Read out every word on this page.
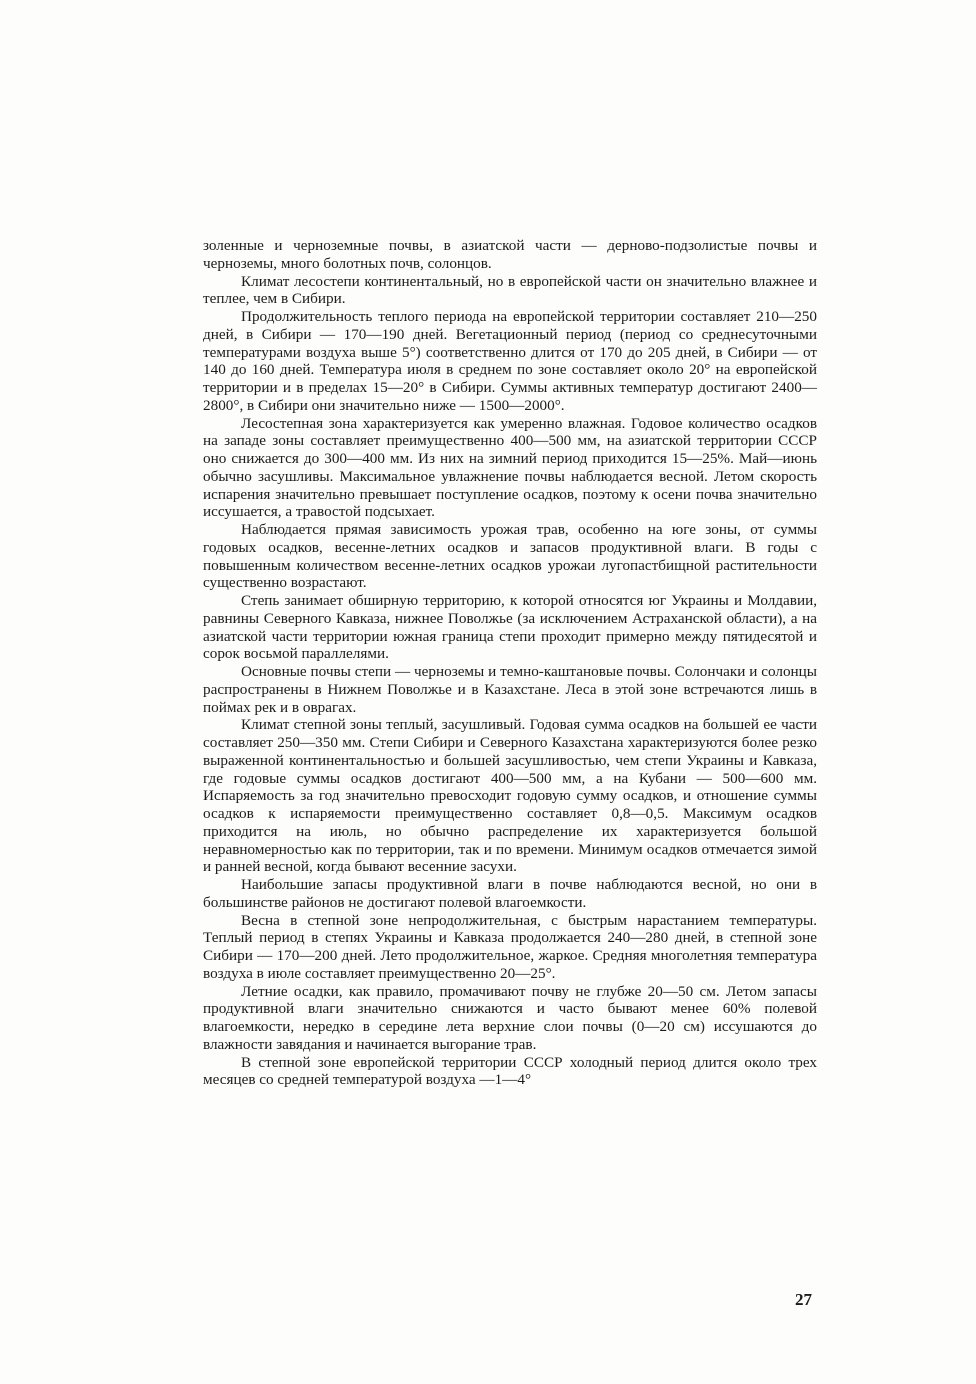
золенные и черноземные почвы, в азиатской части — дерново-подзолистые почвы и черноземы, много болотных почв, солонцов.

Климат лесостепи континентальный, но в европейской части он значительно влажнее и теплее, чем в Сибири.

Продолжительность теплого периода на европейской территории составляет 210—250 дней, в Сибири — 170—190 дней. Вегетационный период (период со среднесуточными температурами воздуха выше 5°) соответственно длится от 170 до 205 дней, в Сибири — от 140 до 160 дней. Температура июля в среднем по зоне составляет около 20° на европейской территории и в пределах 15—20° в Сибири. Суммы активных температур достигают 2400—2800°, в Сибири они значительно ниже — 1500—2000°.

Лесостепная зона характеризуется как умеренно влажная. Годовое количество осадков на западе зоны составляет преимущественно 400—500 мм, на азиатской территории СССР оно снижается до 300—400 мм. Из них на зимний период приходится 15—25%. Май—июнь обычно засушливы. Максимальное увлажнение почвы наблюдается весной. Летом скорость испарения значительно превышает поступление осадков, поэтому к осени почва значительно иссушается, а травостой подсыхает.

Наблюдается прямая зависимость урожая трав, особенно на юге зоны, от суммы годовых осадков, весенне-летних осадков и запасов продуктивной влаги. В годы с повышенным количеством весенне-летних осадков урожаи лугопастбищной растительности существенно возрастают.

Степь занимает обширную территорию, к которой относятся юг Украины и Молдавии, равнины Северного Кавказа, нижнее Поволжье (за исключением Астраханской области), а на азиатской части территории южная граница степи проходит примерно между пятидесятой и сорок восьмой параллелями.

Основные почвы степи — черноземы и темно-каштановые почвы. Солончаки и солонцы распространены в Нижнем Поволжье и в Казахстане. Леса в этой зоне встречаются лишь в поймах рек и в оврагах.

Климат степной зоны теплый, засушливый. Годовая сумма осадков на большей ее части составляет 250—350 мм. Степи Сибири и Северного Казахстана характеризуются более резко выраженной континентальностью и большей засушливостью, чем степи Украины и Кавказа, где годовые суммы осадков достигают 400—500 мм, а на Кубани — 500—600 мм. Испаряемость за год значительно превосходит годовую сумму осадков, и отношение суммы осадков к испаряемости преимущественно составляет 0,8—0,5. Максимум осадков приходится на июль, но обычно распределение их характеризуется большой неравномерностью как по территории, так и по времени. Минимум осадков отмечается зимой и ранней весной, когда бывают весенние засухи.

Наибольшие запасы продуктивной влаги в почве наблюдаются весной, но они в большинстве районов не достигают полевой влагоемкости.

Весна в степной зоне непродолжительная, с быстрым нарастанием температуры. Теплый период в степях Украины и Кавказа продолжается 240—280 дней, в степной зоне Сибири — 170—200 дней. Лето продолжительное, жаркое. Средняя многолетняя температура воздуха в июле составляет преимущественно 20—25°.

Летние осадки, как правило, промачивают почву не глубже 20—50 см. Летом запасы продуктивной влаги значительно снижаются и часто бывают менее 60% полевой влагоемкости, нередко в середине лета верхние слои почвы (0—20 см) иссушаются до влажности завядания и начинается выгорание трав.

В степной зоне европейской территории СССР холодный период длится около трех месяцев со средней температурой воздуха —1—4°

27
